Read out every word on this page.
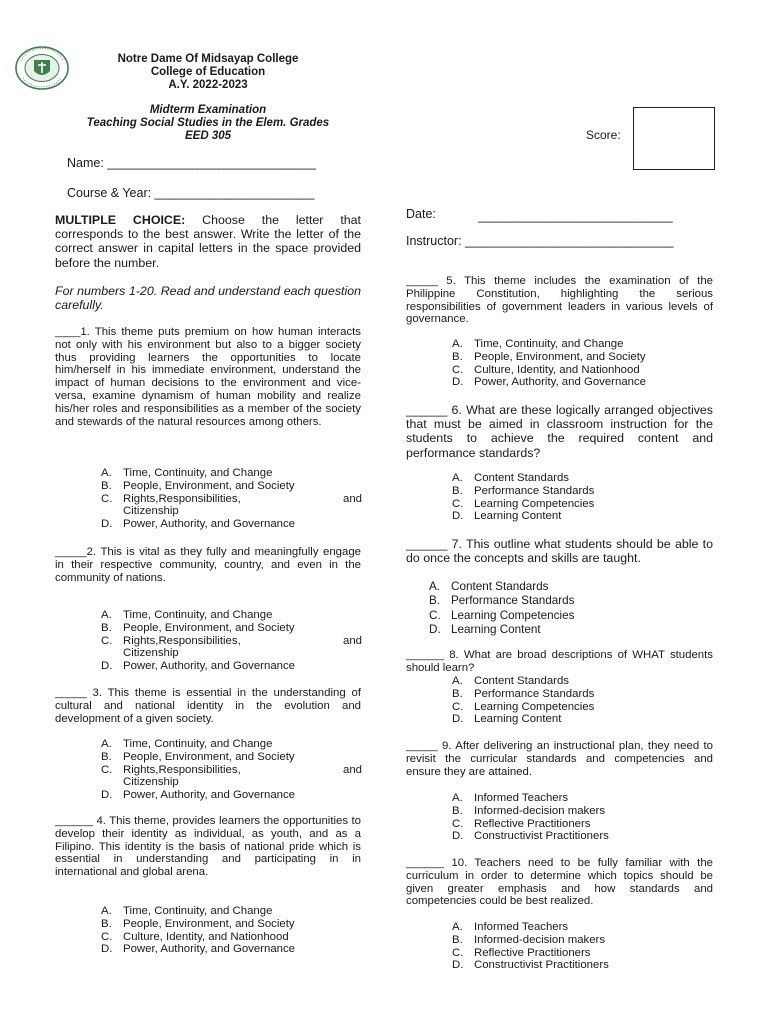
Notre Dame Of Midsayap College
College of Education
A.Y. 2022-2023
Midterm Examination
Teaching Social Studies in the Elem. Grades
EED 305	Score:
Name: ______________________________
Course & Year: _______________________
Date:	____________________________
Instructor: ______________________________
MULTIPLE CHOICE: Choose the letter that corresponds to the best answer. Write the letter of the correct answer in capital letters in the space provided before the number.
For numbers 1-20. Read and understand each question carefully.
____1. This theme puts premium on how human interacts not only with his environment but also to a bigger society thus providing learners the opportunities to locate him/herself in his immediate environment, understand the impact of human decisions to the environment and vice-versa, examine dynamism of human mobility and realize his/her roles and responsibilities as a member of the society and stewards of the natural resources among others.
A. Time, Continuity, and Change
B. People, Environment, and Society
C. Rights,Responsibilities,	and
Citizenship
D. Power, Authority, and Governance
_____2. This is vital as they fully and meaningfully engage in their respective community, country, and even in the community of nations.
A. Time, Continuity, and Change
B. People, Environment, and Society
C. Rights,Responsibilities,	and
Citizenship
D. Power, Authority, and Governance
_____ 3. This theme is essential in the understanding of cultural and national identity in the evolution and development of a given society.
A. Time, Continuity, and Change
B. People, Environment, and Society
C. Rights,Responsibilities,	and
Citizenship
D. Power, Authority, and Governance
______ 4. This theme, provides learners the opportunities to develop their identity as individual, as youth, and as a Filipino. This identity is the basis of national pride which is essential in understanding and participating in in international and global arena.
A. Time, Continuity, and Change
B. People, Environment, and Society
C. Culture, Identity, and Nationhood
D. Power, Authority, and Governance
_____ 5. This theme includes the examination of the Philippine Constitution, highlighting the serious responsibilities of government leaders in various levels of governance.
A. Time, Continuity, and Change
B. People, Environment, and Society
C. Culture, Identity, and Nationhood
D. Power, Authority, and Governance
______ 6. What are these logically arranged objectives that must be aimed in classroom instruction for the students to achieve the required content and performance standards?
A. Content Standards
B. Performance Standards
C. Learning Competencies
D. Learning Content
______ 7. This outline what students should be able to do once the concepts and skills are taught.
A. Content Standards
B. Performance Standards
C. Learning Competencies
D. Learning Content
______ 8. What are broad descriptions of WHAT students should learn?
A. Content Standards
B. Performance Standards
C. Learning Competencies
D. Learning Content
_____ 9. After delivering an instructional plan, they need to revisit the curricular standards and competencies and ensure they are attained.
A. Informed Teachers
B. Informed-decision makers
C. Reflective Practitioners
D. Constructivist Practitioners
______ 10. Teachers need to be fully familiar with the curriculum in order to determine which topics should be given greater emphasis and how standards and competencies could be best realized.
A. Informed Teachers
B. Informed-decision makers
C. Reflective Practitioners
D. Constructivist Practitioners
